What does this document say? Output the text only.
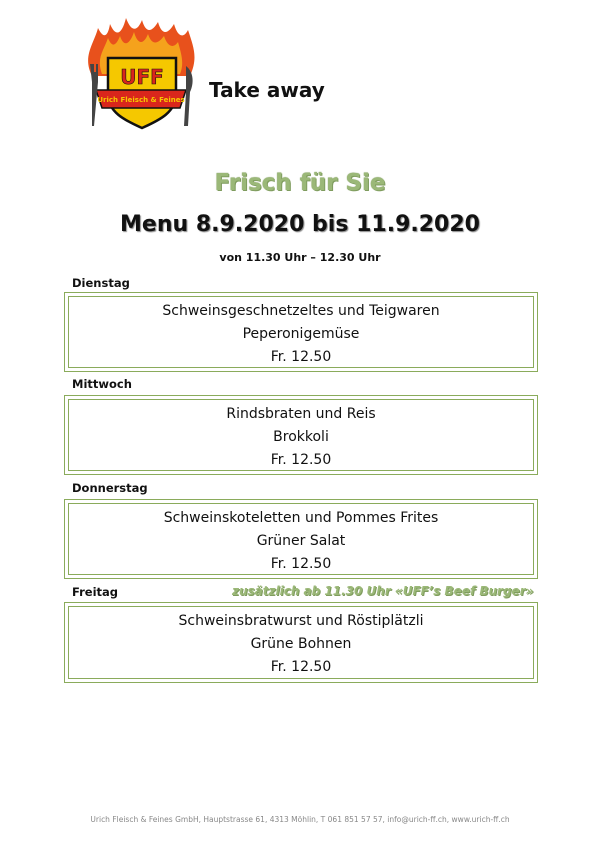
UFF
Urich Fleisch & Feines Take away
Frisch für Sie
Menu 8.9.2020 bis 11.9.2020
von 11.30 Uhr – 12.30 Uhr
Dienstag
Schweinsgeschnetzeltes und Teigwaren
Peperonigemüse
Fr. 12.50
Mittwoch
Rindsbraten und Reis
Brokkoli
Fr. 12.50
Donnerstag
Schweinskoteletten und Pommes Frites
Grüner Salat
Fr. 12.50
Freitag	zusätzlich ab 11.30 Uhr «UFF’s Beef Burger»
Schweinsbratwurst und Röstiplätzli
Grüne Bohnen
Fr. 12.50
Urich Fleisch & Feines GmbH, Hauptstrasse 61, 4313 Möhlin, T 061 851 57 57, info@urich-ff.ch, www.urich-ff.ch
